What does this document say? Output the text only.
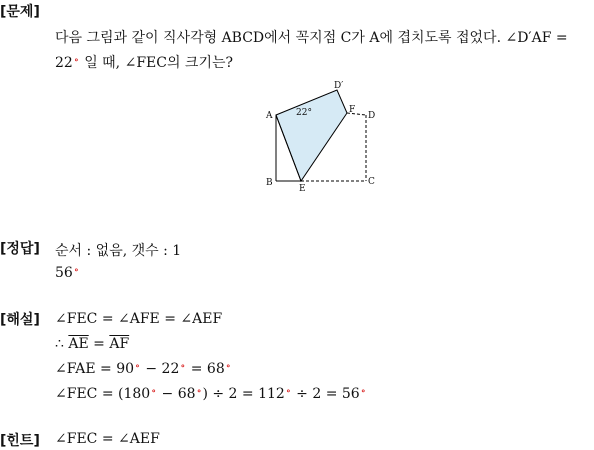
[문제]
다음 그림과 같이 직사각형 ABCD에서 꼭지점 C가 A에 겹치도록 접었다. ∠D′AF =
22∘ 일 때, ∠FEC의 크기는?
A
B	C
D
D′
F
E
22°
[정답] 순서 : 없음, 갯수 : 1
56∘
[해설] ∠FEC = ∠AFE = ∠AEF
∴ $\overline{AE} = \overline{AF}$
∠FAE = 90∘ − 22∘ = 68∘
∠FEC = (180∘ − 68∘) ÷ 2 = 112∘ ÷ 2 = 56∘
[힌트] ∠FEC = ∠AEF
